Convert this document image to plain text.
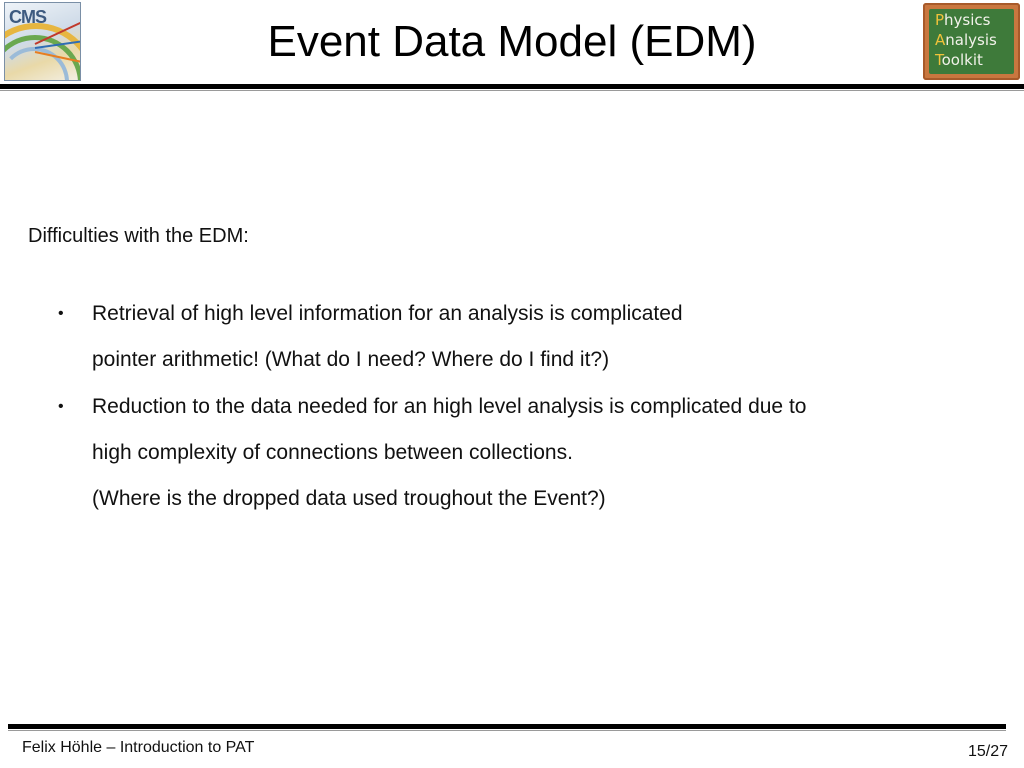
CMS	Event Data Model (EDM)	Physics
Analysis
Toolkit
Difficulties with the EDM:
• Retrieval of high level information for an analysis is complicated
pointer arithmetic! (What do I need? Where do I find it?)
• Reduction to the data needed for an high level analysis is complicated due to
high complexity of connections between collections.
(Where is the dropped data used troughout the Event?)
Felix Höhle – Introduction to PAT	15/27
